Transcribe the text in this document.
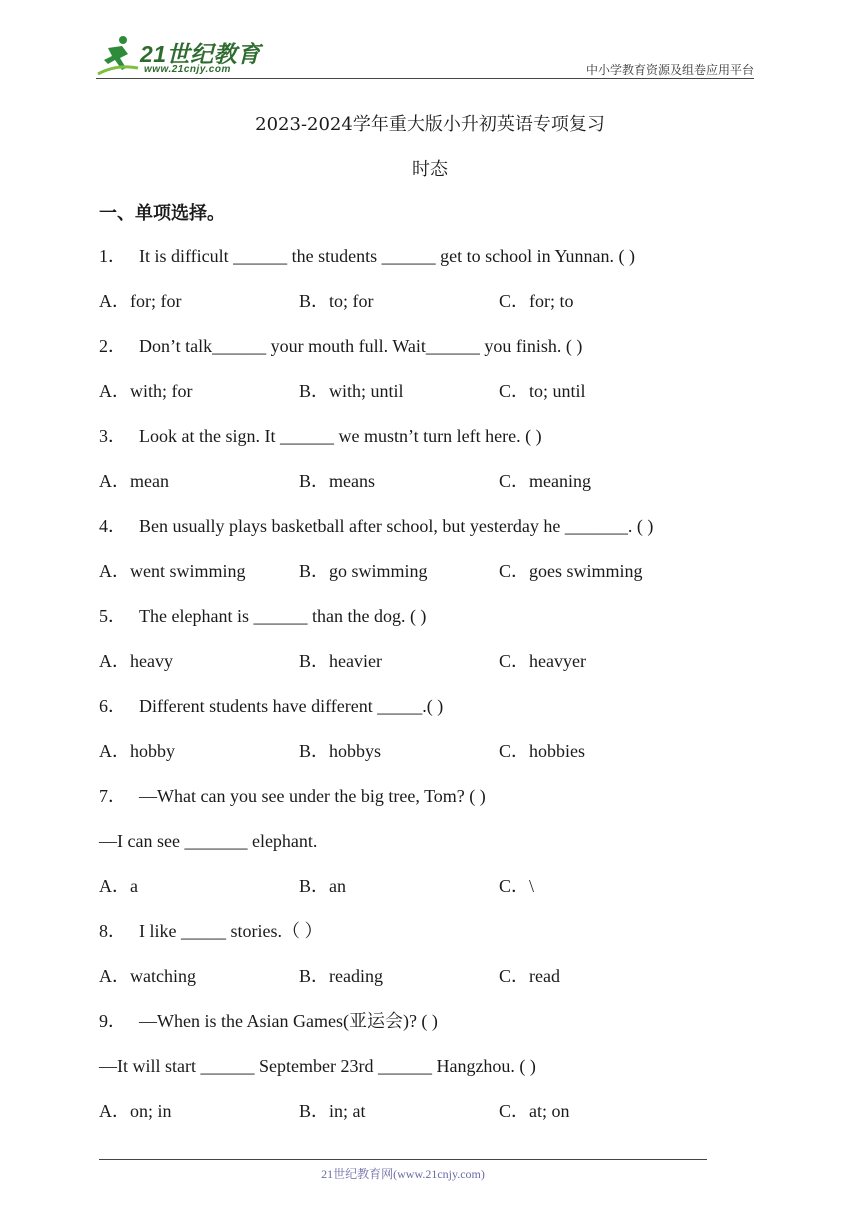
21世纪教育
www.21cnjy.com	中小学教育资源及组卷应用平台
2023-2024学年重大版小升初英语专项复习
时态
一、单项选择。
1． It is difficult ______ the students ______ get to school in Yunnan. ( )
A．for; for	B．to; for	C．for; to
2． Don’t talk______ your mouth full. Wait______ you finish. ( )
A．with; for	B．with; until	C．to; until
3． Look at the sign. It ______ we mustn’t turn left here. ( )
A．mean	B．means	C．meaning
4． Ben usually plays basketball after school, but yesterday he _______. ( )
A．went swimming	B．go swimming	C．goes swimming
5． The elephant is ______ than the dog. ( )
A．heavy	B．heavier	C．heavyer
6． Different students have different _____.( )
A．hobby	B．hobbys	C．hobbies
7． —What can you see under the big tree, Tom? ( )
—I can see _______ elephant.
A．a	B．an	C．\
8． I like _____ stories.（ ）
A．watching	B．reading	C．read
9． —When is the Asian Games(亚运会)? ( )
—It will start ______ September 23rd ______ Hangzhou. ( )
A．on; in	B．in; at	C．at; on
21世纪教育网(www.21cnjy.com)
